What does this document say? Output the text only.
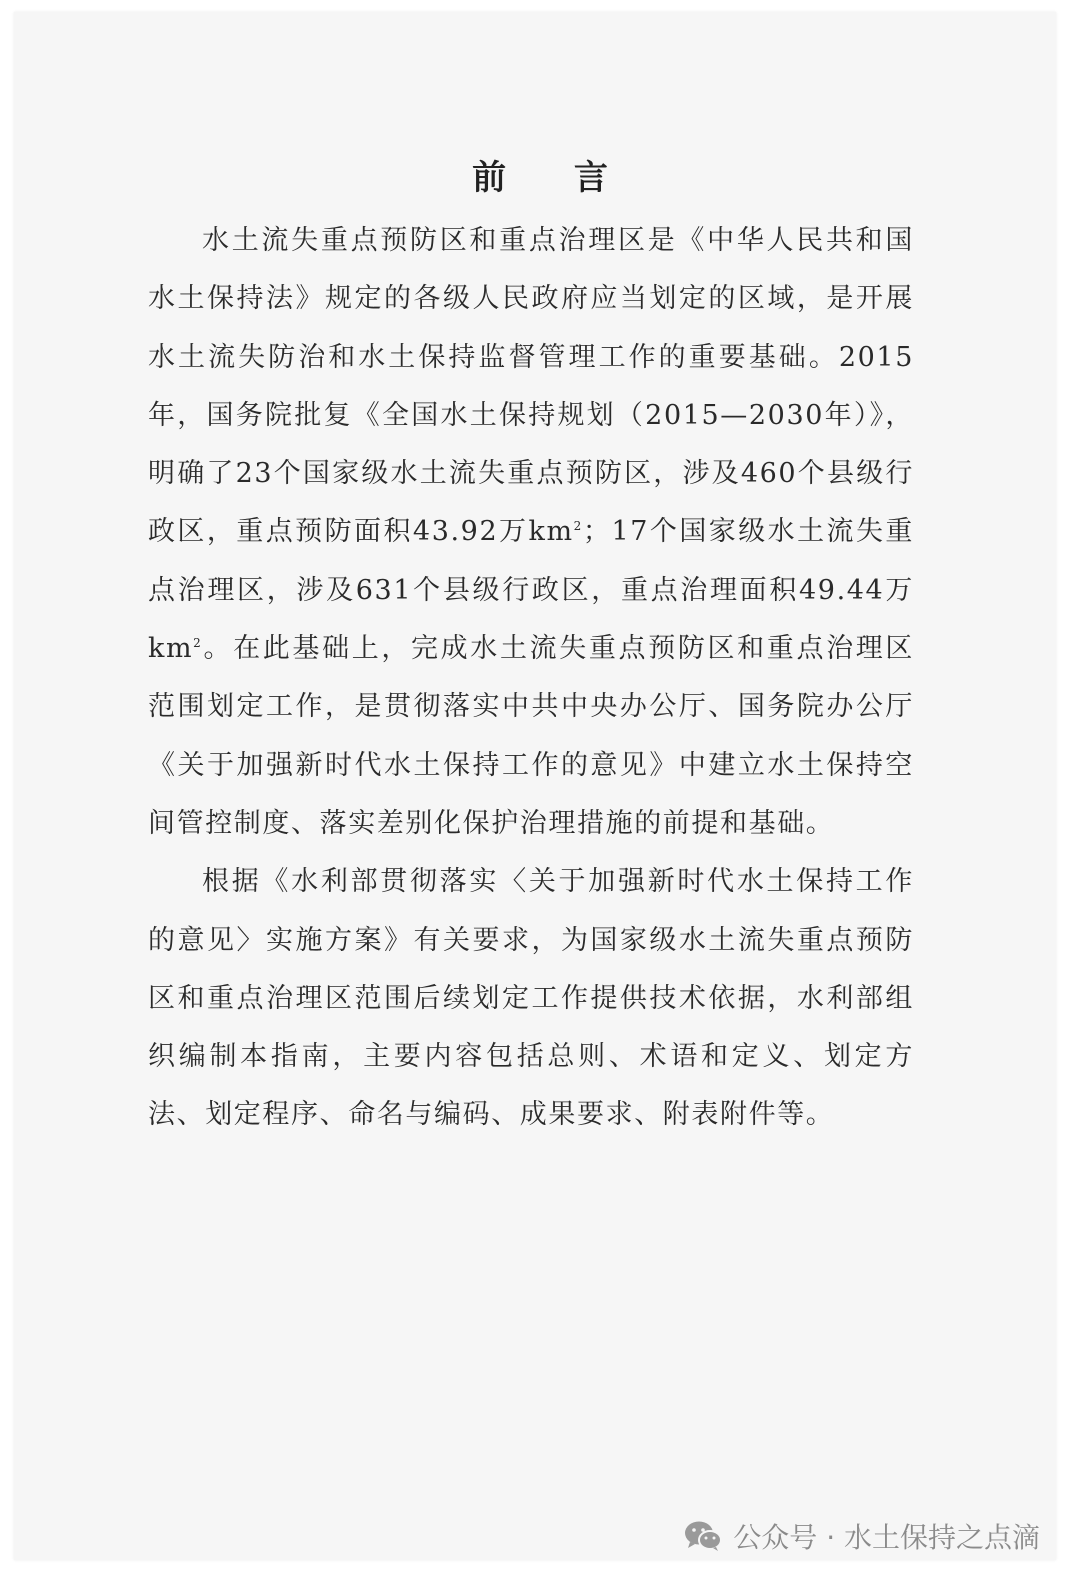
前 言

水土流失重点预防区和重点治理区是《中华人民共和国水土保持法》规定的各级人民政府应当划定的区域，是开展水土流失防治和水土保持监督管理工作的重要基础。2015年，国务院批复《全国水土保持规划（2015—2030年）》，明确了23个国家级水土流失重点预防区，涉及460个县级行政区，重点预防面积43.92万$km^2$；17个国家级水土流失重点治理区，涉及631个县级行政区，重点治理面积49.44万$km^2$。在此基础上，完成水土流失重点预防区和重点治理区范围划定工作，是贯彻落实中共中央办公厅、国务院办公厅《关于加强新时代水土保持工作的意见》中建立水土保持空间管控制度、落实差别化保护治理措施的前提和基础。

根据《水利部贯彻落实〈关于加强新时代水土保持工作的意见〉实施方案》有关要求，为国家级水土流失重点预防区和重点治理区范围后续划定工作提供技术依据，水利部组织编制本指南，主要内容包括总则、术语和定义、划定方法、划定程序、命名与编码、成果要求、附表附件等。

公众号 · 水土保持之点滴
